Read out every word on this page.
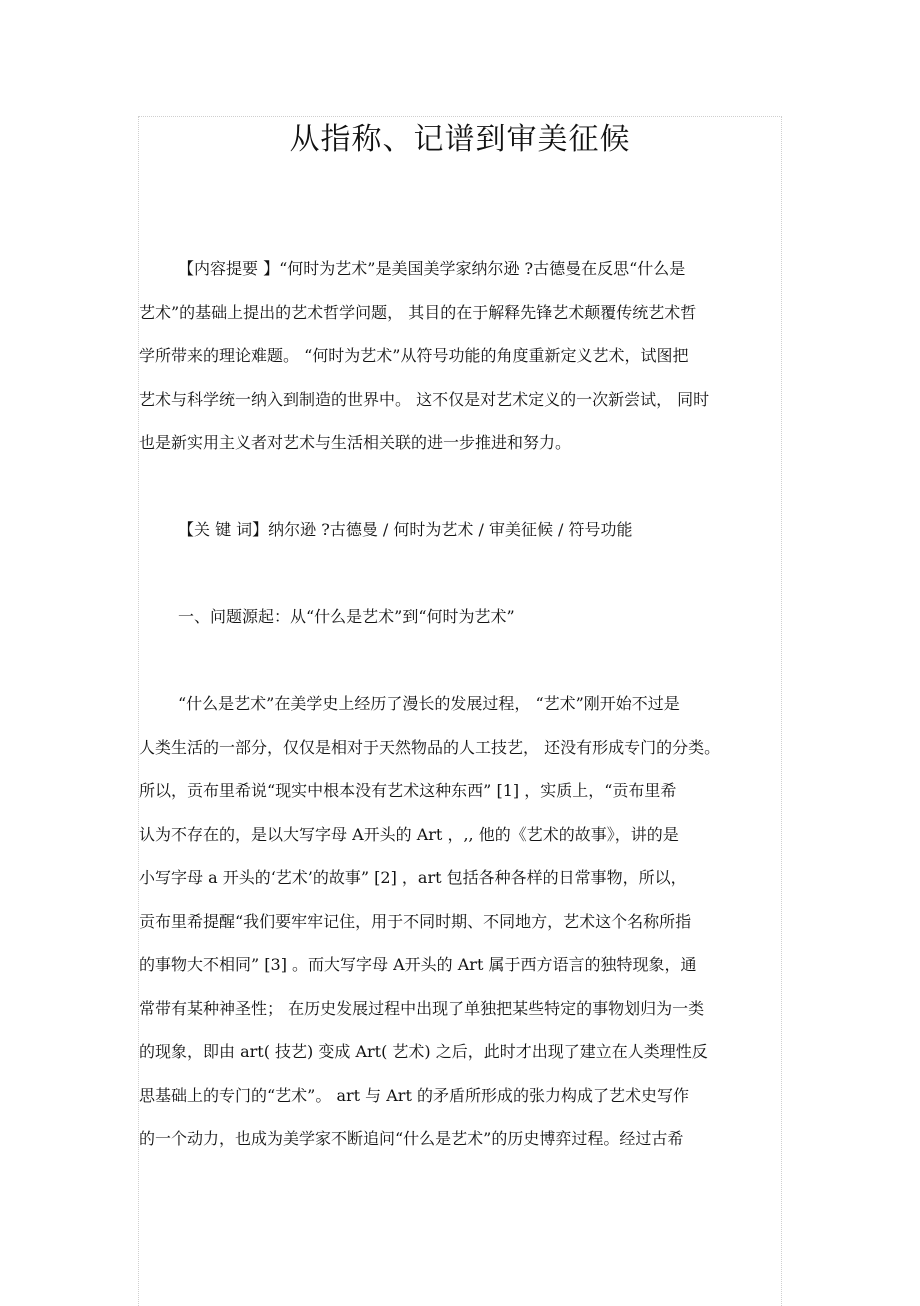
从指称、记谱到审美征候
【内容提要 】“何时为艺术”是美国美学家纳尔逊 ?古德曼在反思“什么是
艺术”的基础上提出的艺术哲学问题， 其目的在于解释先锋艺术颠覆传统艺术哲
学所带来的理论难题。 “何时为艺术”从符号功能的角度重新定义艺术，试图把
艺术与科学统一纳入到制造的世界中。 这不仅是对艺术定义的一次新尝试， 同时
也是新实用主义者对艺术与生活相关联的进一步推进和努力。
【关 键 词】纳尔逊 ?古德曼 / 何时为艺术 / 审美征候 / 符号功能
一、问题源起：从“什么是艺术”到“何时为艺术”
“什么是艺术”在美学史上经历了漫长的发展过程， “艺术”刚开始不过是
人类生活的一部分，仅仅是相对于天然物品的人工技艺， 还没有形成专门的分类。
所以，贡布里希说“现实中根本没有艺术这种东西” [1] ，实质上，“贡布里希
认为不存在的，是以大写字母 A开头的 Art ，,, 他的《艺术的故事》，讲的是
小写字母 a 开头的‘艺术’的故事” [2] ，art 包括各种各样的日常事物，所以，
贡布里希提醒“我们要牢牢记住，用于不同时期、不同地方，艺术这个名称所指
的事物大不相同” [3] 。而大写字母 A开头的 Art 属于西方语言的独特现象，通
常带有某种神圣性； 在历史发展过程中出现了单独把某些特定的事物划归为一类
的现象，即由 art( 技艺) 变成 Art( 艺术) 之后，此时才出现了建立在人类理性反
思基础上的专门的“艺术”。 art 与 Art 的矛盾所形成的张力构成了艺术史写作
的一个动力，也成为美学家不断追问“什么是艺术”的历史博弈过程。经过古希
